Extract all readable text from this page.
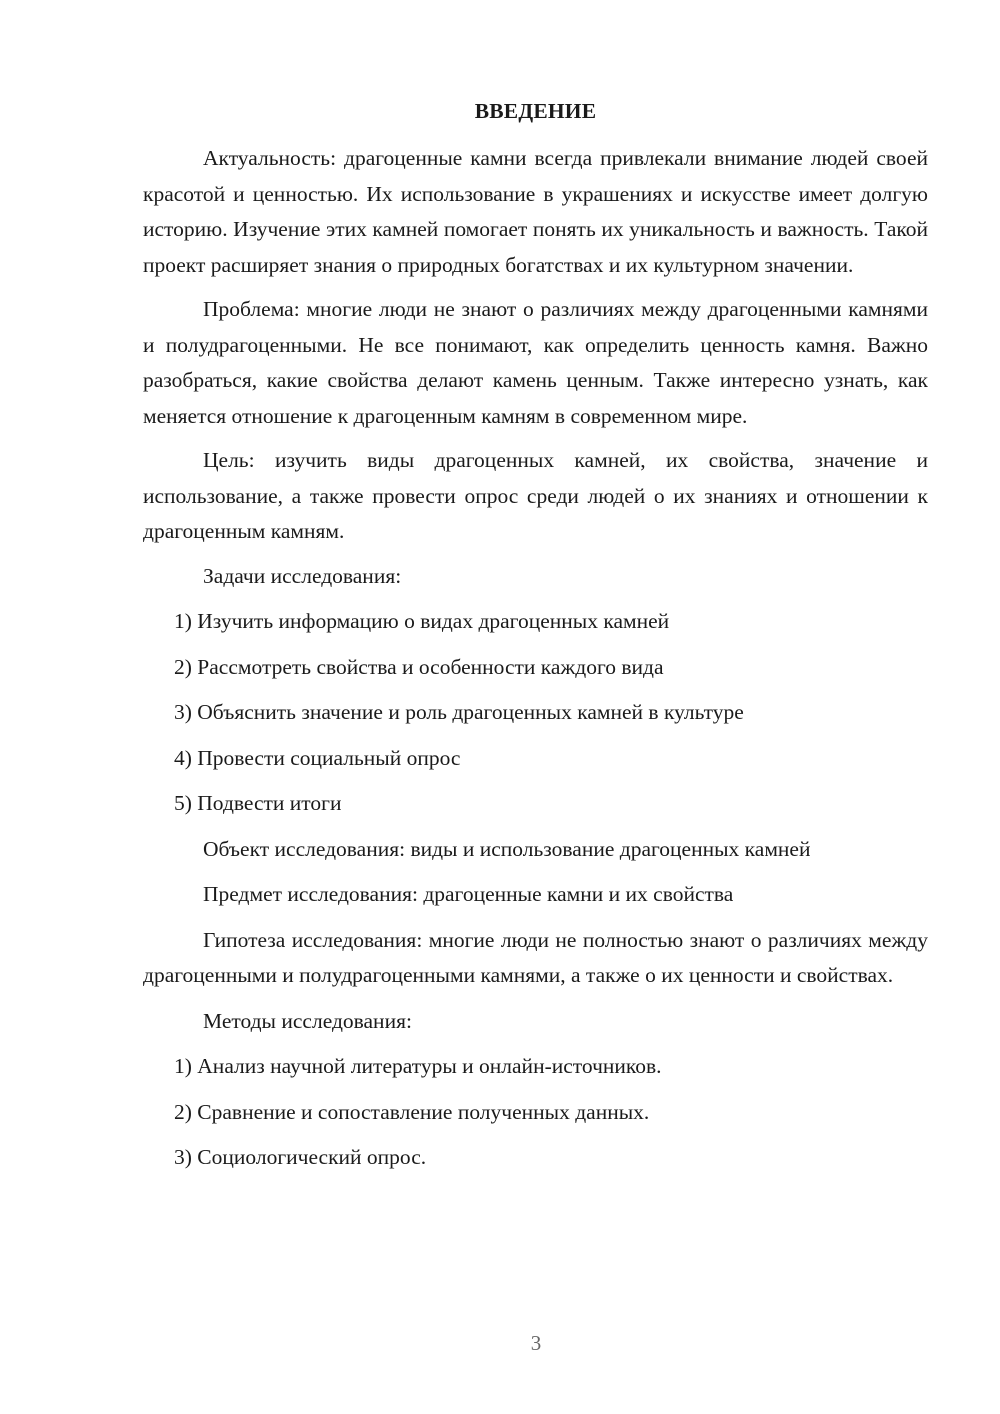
ВВЕДЕНИЕ

Актуальность: драгоценные камни всегда привлекали внимание людей своей красотой и ценностью. Их использование в украшениях и искусстве имеет долгую историю. Изучение этих камней помогает понять их уникальность и важность. Такой проект расширяет знания о природных богатствах и их культурном значении.

Проблема: многие люди не знают о различиях между драгоценными камнями и полудрагоценными. Не все понимают, как определить ценность камня. Важно разобраться, какие свойства делают камень ценным. Также интересно узнать, как меняется отношение к драгоценным камням в современном мире.

Цель: изучить виды драгоценных камней, их свойства, значение и использование, а также провести опрос среди людей о их знаниях и отношении к драгоценным камням.

Задачи исследования:

1) Изучить информацию о видах драгоценных камней

2) Рассмотреть свойства и особенности каждого вида

3) Объяснить значение и роль драгоценных камней в культуре

4) Провести социальный опрос

5) Подвести итоги

Объект исследования: виды и использование драгоценных камней

Предмет исследования: драгоценные камни и их свойства

Гипотеза исследования: многие люди не полностью знают о различиях между драгоценными и полудрагоценными камнями, а также о их ценности и свойствах.

Методы исследования:

1) Анализ научной литературы и онлайн-источников.

2) Сравнение и сопоставление полученных данных.

3) Социологический опрос.

3
